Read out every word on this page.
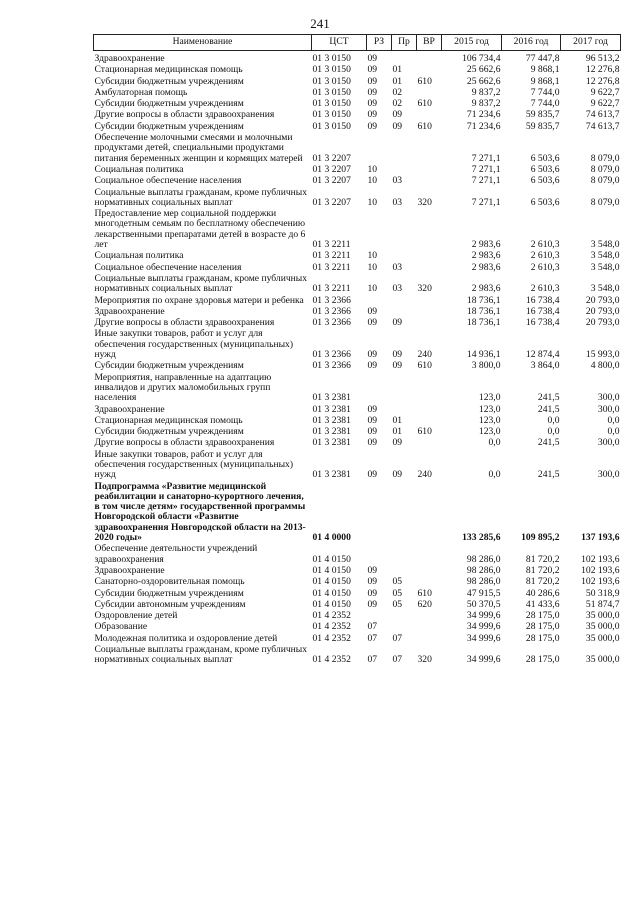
241
Наименование	ЦСТ	РЗ	Пр	ВР	2015 год	2016 год	2017 год
Здравоохранение	01 3 0150	09			106 734,4	77 447,8	96 513,2
Стационарная медицинская помощь	01 3 0150	09	01		25 662,6	9 868,1	12 276,8
Субсидии бюджетным учреждениям	01 3 0150	09	01	610	25 662,6	9 868,1	12 276,8
Амбулаторная помощь	01 3 0150	09	02		9 837,2	7 744,0	9 622,7
Субсидии бюджетным учреждениям	01 3 0150	09	02	610	9 837,2	7 744,0	9 622,7
Другие вопросы в области здравоохранения	01 3 0150	09	09		71 234,6	59 835,7	74 613,7
Субсидии бюджетным учреждениям	01 3 0150	09	09	610	71 234,6	59 835,7	74 613,7
Обеспечение молочными смесями и молочными продуктами детей, специальными продуктами питания беременных женщин и кормящих матерей	01 3 2207				7 271,1	6 503,6	8 079,0
Социальная политика	01 3 2207	10			7 271,1	6 503,6	8 079,0
Социальное обеспечение населения	01 3 2207	10	03		7 271,1	6 503,6	8 079,0
Социальные выплаты гражданам, кроме публичных нормативных социальных выплат	01 3 2207	10	03	320	7 271,1	6 503,6	8 079,0
Предоставление мер социальной поддержки многодетным семьям по бесплатному обеспечению лекарственными препаратами детей в возрасте до 6 лет	01 3 2211				2 983,6	2 610,3	3 548,0
Социальная политика	01 3 2211	10			2 983,6	2 610,3	3 548,0
Социальное обеспечение населения	01 3 2211	10	03		2 983,6	2 610,3	3 548,0
Социальные выплаты гражданам, кроме публичных нормативных социальных выплат	01 3 2211	10	03	320	2 983,6	2 610,3	3 548,0
Мероприятия по охране здоровья матери и ребенка	01 3 2366				18 736,1	16 738,4	20 793,0
Здравоохранение	01 3 2366	09			18 736,1	16 738,4	20 793,0
Другие вопросы в области здравоохранения	01 3 2366	09	09		18 736,1	16 738,4	20 793,0
Иные закупки товаров, работ и услуг для обеспечения государственных (муниципальных) нужд	01 3 2366	09	09	240	14 936,1	12 874,4	15 993,0
Субсидии бюджетным учреждениям	01 3 2366	09	09	610	3 800,0	3 864,0	4 800,0
Мероприятия, направленные на адаптацию инвалидов и других маломобильных групп населения	01 3 2381				123,0	241,5	300,0
Здравоохранение	01 3 2381	09			123,0	241,5	300,0
Стационарная медицинская помощь	01 3 2381	09	01		123,0	0,0	0,0
Субсидии бюджетным учреждениям	01 3 2381	09	01	610	123,0	0,0	0,0
Другие вопросы в области здравоохранения	01 3 2381	09	09		0,0	241,5	300,0
Иные закупки товаров, работ и услуг для обеспечения государственных (муниципальных) нужд	01 3 2381	09	09	240	0,0	241,5	300,0
Подпрограмма «Развитие медицинской реабилитации и санаторно-курортного лечения, в том числе детям» государственной программы Новгородской области «Развитие здравоохранения Новгородской области на 2013-2020 годы»	01 4 0000				133 285,6	109 895,2	137 193,6
Обеспечение деятельности учреждений здравоохранения	01 4 0150				98 286,0	81 720,2	102 193,6
Здравоохранение	01 4 0150	09			98 286,0	81 720,2	102 193,6
Санаторно-оздоровительная помощь	01 4 0150	09	05		98 286,0	81 720,2	102 193,6
Субсидии бюджетным учреждениям	01 4 0150	09	05	610	47 915,5	40 286,6	50 318,9
Субсидии автономным учреждениям	01 4 0150	09	05	620	50 370,5	41 433,6	51 874,7
Оздоровление детей	01 4 2352				34 999,6	28 175,0	35 000,0
Образование	01 4 2352	07			34 999,6	28 175,0	35 000,0
Молодежная политика и оздоровление детей	01 4 2352	07	07		34 999,6	28 175,0	35 000,0
Социальные выплаты гражданам, кроме публичных нормативных социальных выплат	01 4 2352	07	07	320	34 999,6	28 175,0	35 000,0
